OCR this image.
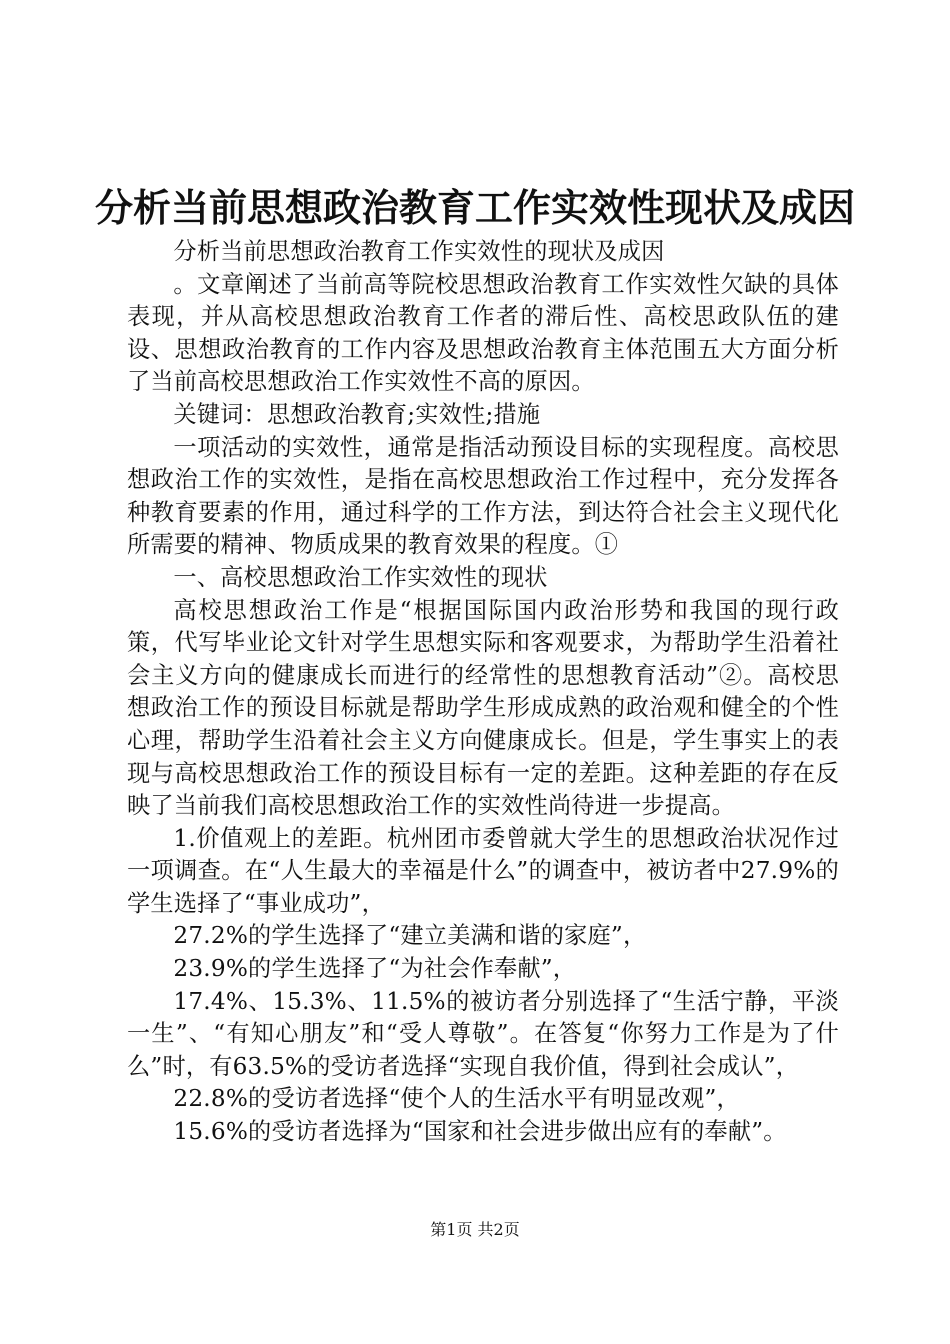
分析当前思想政治教育工作实效性现状及成因

分析当前思想政治教育工作实效性的现状及成因

。文章阐述了当前高等院校思想政治教育工作实效性欠缺的具体表现，并从高校思想政治教育工作者的滞后性、高校思政队伍的建设、思想政治教育的工作内容及思想政治教育主体范围五大方面分析了当前高校思想政治工作实效性不高的原因。

关键词：思想政治教育;实效性;措施

一项活动的实效性，通常是指活动预设目标的实现程度。高校思想政治工作的实效性，是指在高校思想政治工作过程中，充分发挥各种教育要素的作用，通过科学的工作方法，到达符合社会主义现代化所需要的精神、物质成果的教育效果的程度。①

一、高校思想政治工作实效性的现状

高校思想政治工作是“根据国际国内政治形势和我国的现行政策，代写毕业论文针对学生思想实际和客观要求，为帮助学生沿着社会主义方向的健康成长而进行的经常性的思想教育活动”②。高校思想政治工作的预设目标就是帮助学生形成成熟的政治观和健全的个性心理，帮助学生沿着社会主义方向健康成长。但是，学生事实上的表现与高校思想政治工作的预设目标有一定的差距。这种差距的存在反映了当前我们高校思想政治工作的实效性尚待进一步提高。

1.价值观上的差距。杭州团市委曾就大学生的思想政治状况作过一项调查。在“人生最大的幸福是什么”的调查中，被访者中27.9%的学生选择了“事业成功”，

27.2%的学生选择了“建立美满和谐的家庭”，

23.9%的学生选择了“为社会作奉献”，

17.4%、15.3%、11.5%的被访者分别选择了“生活宁静，平淡一生”、“有知心朋友”和“受人尊敬”。在答复“你努力工作是为了什么”时，有63.5%的受访者选择“实现自我价值，得到社会成认”，

22.8%的受访者选择“使个人的生活水平有明显改观”，

15.6%的受访者选择为“国家和社会进步做出应有的奉献”。

第1页 共2页
